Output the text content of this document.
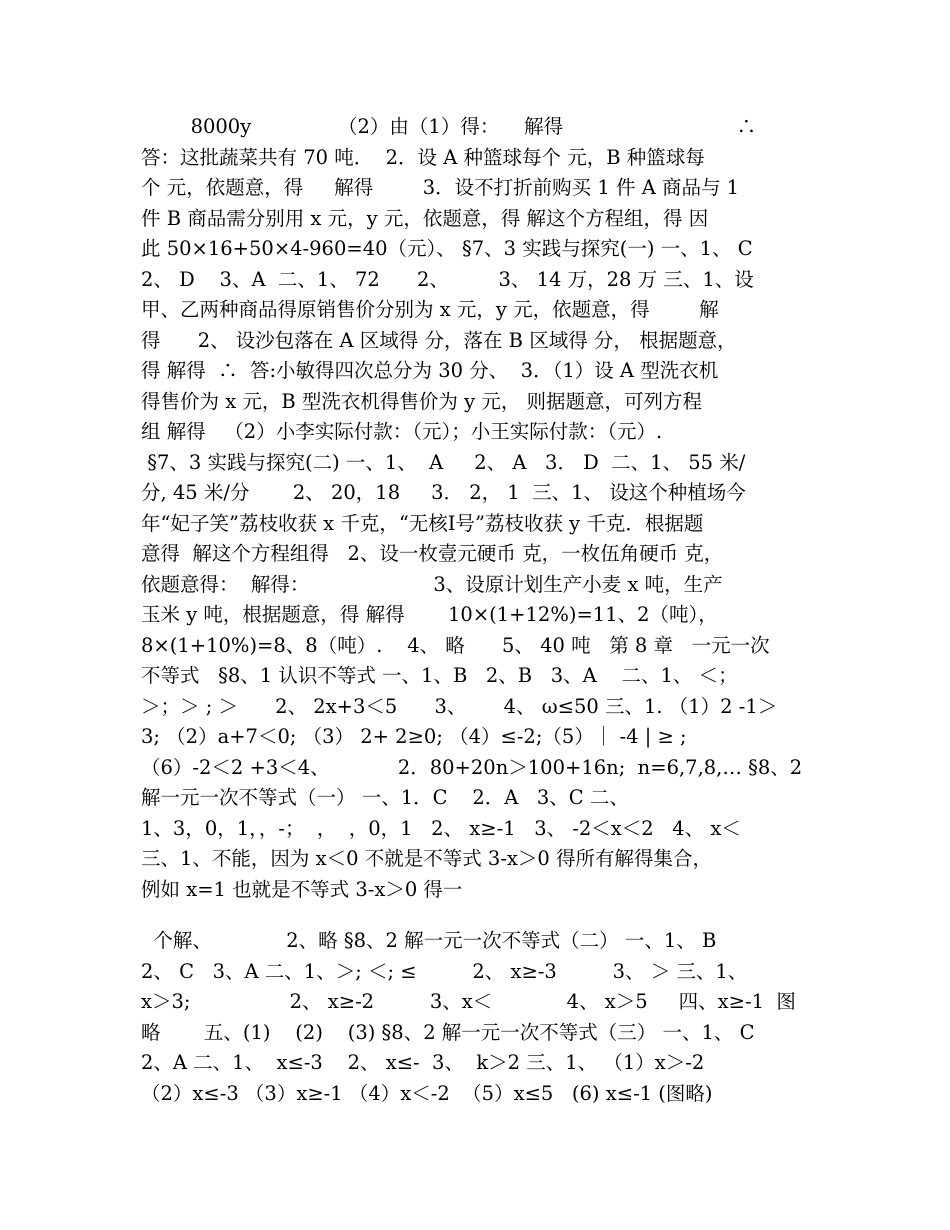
8000y              （2）由（1）得：    解得                            ∴
答：这批蔬菜共有 70 吨．  2．设 A 种篮球每个 元，B 种篮球每
个 元，依题意，得     解得        3．设不打折前购买 1 件 A 商品与 1
件 B 商品需分别用 x 元，y 元，依题意，得 解这个方程组，得 因
此 50×16+50×4-960=40（元）、 §7、3 实践与探究(一) 一、1、 C
2、 D    3、A  二、1、 72      2、        3、 14 万，28 万 三、1、设
甲、乙两种商品得原销售价分别为 x 元，y 元，依题意，得        解
得      2、 设沙包落在 A 区域得 分，落在 B 区域得 分， 根据题意，
得 解得  ∴  答:小敏得四次总分为 30 分、  3．（1）设 A 型洗衣机
得售价为 x 元，B 型洗衣机得售价为 y 元， 则据题意，可列方程
组 解得   （2）小李实际付款：（元）；小王实际付款：（元）.
§7、3 实践与探究(二) 一、1、  A     2、 A   3． D  二、1、 55 米/
分, 45 米/分       2、 20，18     3． 2， 1  三、1、 设这个种植场今
年“妃子笑”荔枝收获 x 千克，“无核Ⅰ号”荔枝收获 y 千克．根据题
意得  解这个方程组得   2、设一枚壹元硬币 克，一枚伍角硬币 克，
依题意得：  解得：                    3、设原计划生产小麦 x 吨，生产
玉米 y 吨，根据题意，得 解得       10×(1+12%)=11、2（吨），
8×(1+10%)=8、8（吨）.    4、 略      5、 40 吨   第 8 章   一元一次
不等式   §8、1 认识不等式 一、1、B   2、B   3、A    二、1、 ＜；
＞；＞ ; ＞      2、 2x+3＜5      3、      4、 ω≤50 三、1. （1）2 -1＞
3; （2）a+7＜0; （3） 2+ 2≥0; （4）≤-2;（5）｜ -4 | ≥ ;
（6）-2＜2 +3＜4、           2．80+20n＞100+16n;  n=6,7,8,… §8、2
解一元一次不等式（一） 一、1．C    2．A   3、C 二、
1、3，0，1，，-；  ，  ，0，1   2、 x≥-1   3、 -2＜x＜2   4、 x＜
三、1、不能，因为 x＜0 不就是不等式 3-x＞0 得所有解得集合，
例如 x=1 也就是不等式 3-x＞0 得一
个解、            2、略 §8、2 解一元一次不等式（二） 一、1、 B
2、 C   3、A 二、1、＞; ＜; ≤         2、 x≥-3         3、 ＞ 三、1、
x＞3;                2、 x≥-2         3、x＜            4、 x＞5     四、x≥-1  图
略       五、(1)    (2)    (3) §8、2 解一元一次不等式（三） 一、1、 C
2、A 二、1、  x≤-3    2、 x≤-  3、  k＞2 三、1、 （1）x＞-2
（2）x≤-3 （3）x≥-1 （4）x＜-2  （5）x≤5   (6) x≤-1 (图略)
